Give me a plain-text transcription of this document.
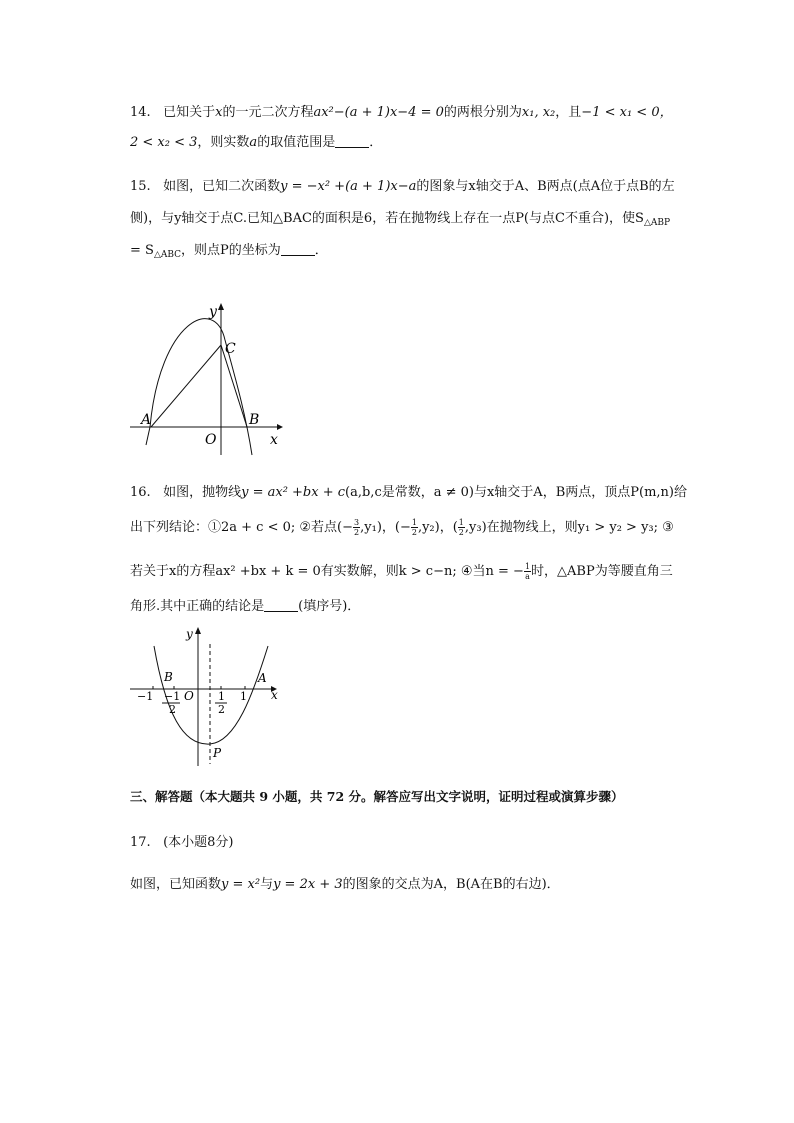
14. 已知关于x的一元二次方程ax²−(a + 1)x−4 = 0的两根分别为x₁, x₂，且−1 < x₁ < 0，
2 < x₂ < 3，则实数a的取值范围是	．
15. 如图，已知二次函数y = −x² +(a + 1)x−a的图象与x轴交于A、B两点(点A位于点B的左
侧)，与y轴交于点C.已知△BAC的面积是6，若在抛物线上存在一点P(与点C不重合)，使$S_{\triangle ABP}$
= $S_{\triangle ABC}$，则点P的坐标为	．
y
C
A	B
O	x
16. 如图，抛物线y = ax² +bx + c(a,b,c是常数，a ≠ 0)与x轴交于A，B两点，顶点P(m,n)给
出下列结论：①2a + c < 0; ②若点(− $\frac{3}{2} ,y_1$)，(− $\frac{1}{2} ,y_2$)，( $\frac{1}{2} ,y_3$)在抛物线上，则y₁ > y₂ > y₃; ③
若关于x的方程ax² +bx + k = 0有实数解，则k > c−n; ④当n = − $\frac{1}{a}$ 时，△ABP为等腰直角三
角形.其中正确的结论是	(填序号)．
y
B	A
x
−1	O	1
−1
2
1
2
P
三、解答题（本大题共 9 小题，共 72 分。解答应写出文字说明，证明过程或演算步骤）
17. (本小题8分)
如图，已知函数y = x²与y = 2x + 3的图象的交点为A，B(A在B的右边)．
